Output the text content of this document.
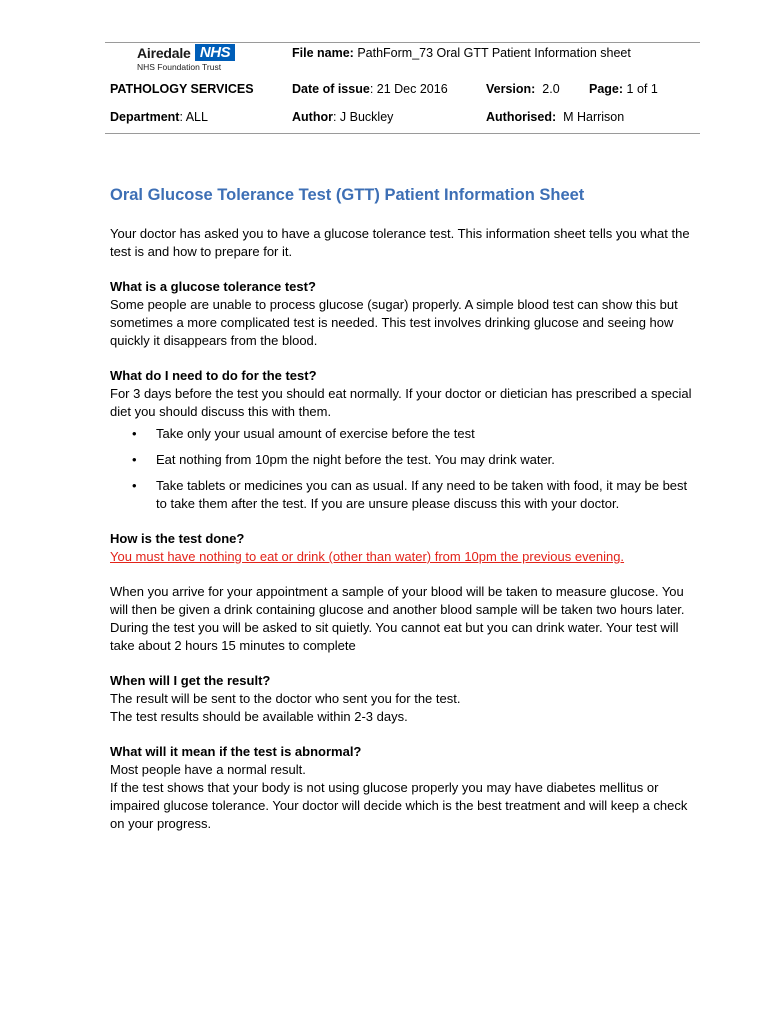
Airedale NHS
NHS Foundation Trust
File name: PathForm_73 Oral GTT Patient Information sheet
PATHOLOGY SERVICES	Date of issue: 21 Dec 2016	Version: 2.0 Page: 1 of 1
Department: ALL	Author: J Buckley	Authorised: M Harrison
Oral Glucose Tolerance Test (GTT) Patient Information Sheet

Your doctor has asked you to have a glucose tolerance test. This information sheet tells you what the test is and how to prepare for it.

What is a glucose tolerance test?

Some people are unable to process glucose (sugar) properly. A simple blood test can show this but sometimes a more complicated test is needed. This test involves drinking glucose and seeing how quickly it disappears from the blood.

What do I need to do for the test?

For 3 days before the test you should eat normally. If your doctor or dietician has prescribed a special diet you should discuss this with them.

• Take only your usual amount of exercise before the test
• Eat nothing from 10pm the night before the test. You may drink water.
• Take tablets or medicines you can as usual. If any need to be taken with food, it may be best to take them after the test. If you are unsure please discuss this with your doctor.

How is the test done?

You must have nothing to eat or drink (other than water) from 10pm the previous evening.

When you arrive for your appointment a sample of your blood will be taken to measure glucose. You will then be given a drink containing glucose and another blood sample will be taken two hours later. During the test you will be asked to sit quietly. You cannot eat but you can drink water. Your test will take about 2 hours 15 minutes to complete

When will I get the result?

The result will be sent to the doctor who sent you for the test.

The test results should be available within 2-3 days.

What will it mean if the test is abnormal?

Most people have a normal result.

If the test shows that your body is not using glucose properly you may have diabetes mellitus or impaired glucose tolerance. Your doctor will decide which is the best treatment and will keep a check on your progress.
